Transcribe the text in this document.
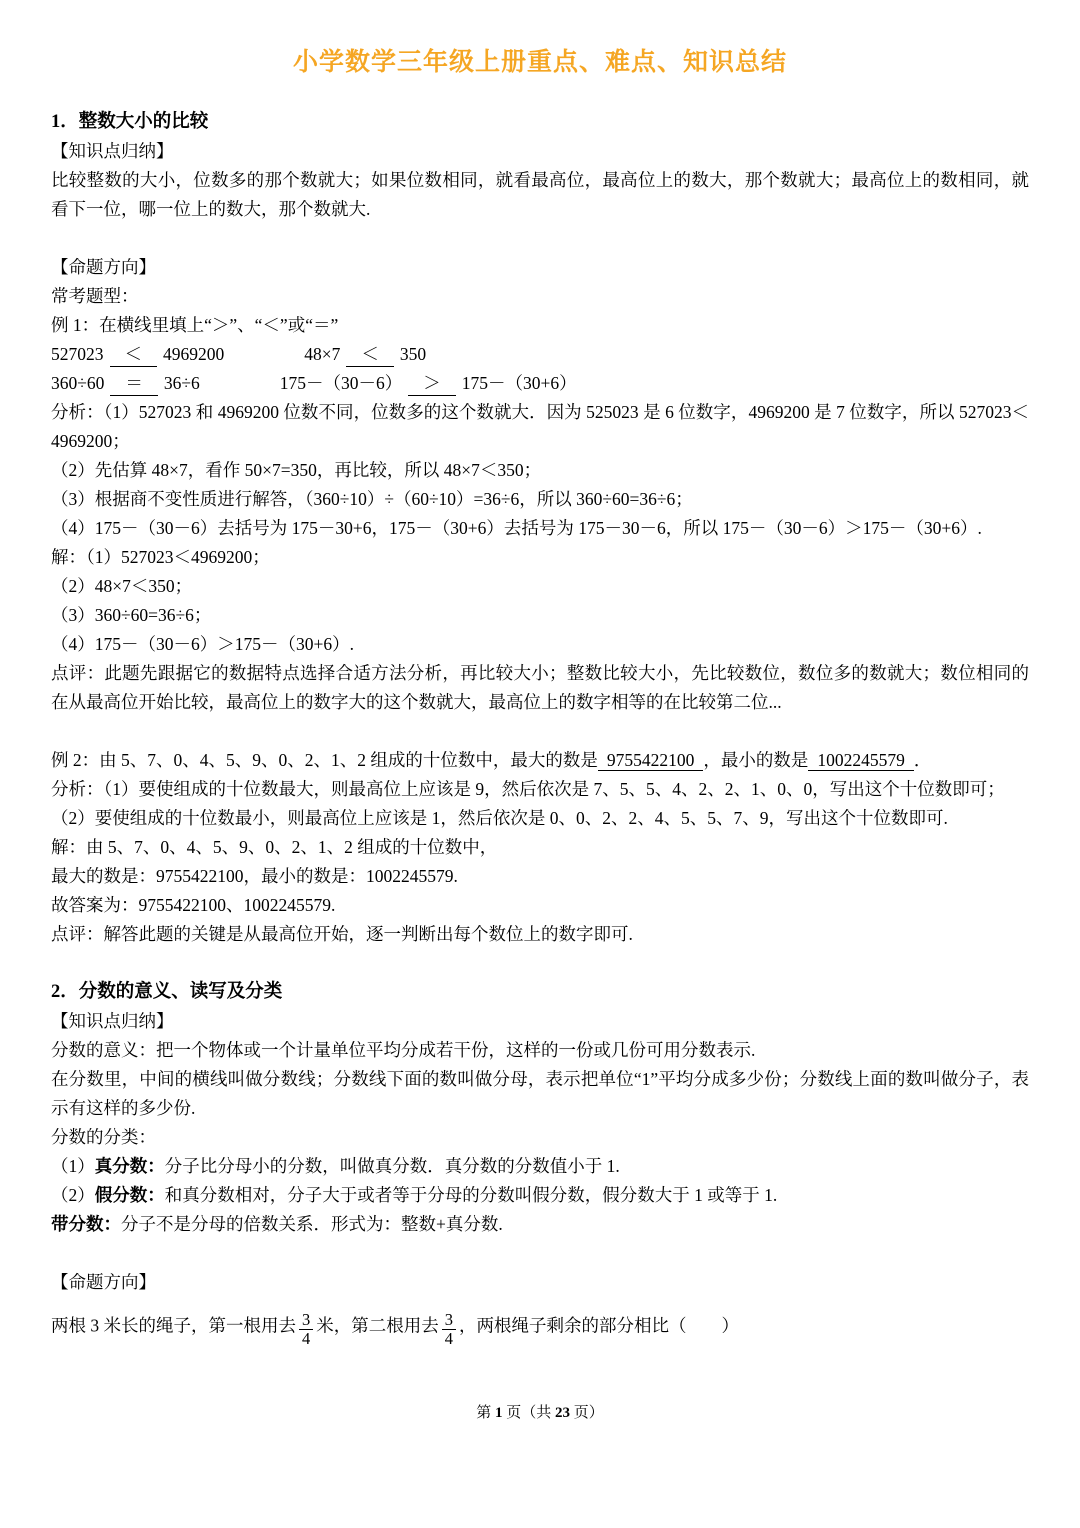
小学数学三年级上册重点、难点、知识总结
1．整数大小的比较

【知识点归纳】

比较整数的大小，位数多的那个数就大；如果位数相同，就看最高位，最高位上的数大，那个数就大；最高位上的数相同，就看下一位，哪一位上的数大，那个数就大.

【命题方向】

常考题型：

例 1：在横线里填上“＞”、“＜”或“＝”

527023 ＜ 4969200	48×7 ＜ 350

360÷60 ＝ 36÷6	175－（30－6） ＞ 175－（30+6）

分析：（1）527023 和 4969200 位数不同，位数多的这个数就大．因为 525023 是 6 位数字，4969200 是 7 位数字，所以 527023＜4969200；

（2）先估算 48×7，看作 50×7=350，再比较，所以 48×7＜350；

（3）根据商不变性质进行解答，（360÷10）÷（60÷10）=36÷6，所以 360÷60=36÷6；

（4）175－（30－6）去括号为 175－30+6，175－（30+6）去括号为 175－30－6，所以 175－（30－6）＞175－（30+6）.

解：（1）527023＜4969200；

（2）48×7＜350；

（3）360÷60=36÷6；

（4）175－（30－6）＞175－（30+6）.

点评：此题先跟据它的数据特点选择合适方法分析，再比较大小；整数比较大小，先比较数位，数位多的数就大；数位相同的在从最高位开始比较，最高位上的数字大的这个数就大，最高位上的数字相等的在比较第二位...

例 2：由 5、7、0、4、5、9、0、2、1、2 组成的十位数中，最大的数是 9755422100 ，最小的数是 1002245579 ．

分析：（1）要使组成的十位数最大，则最高位上应该是 9，然后依次是 7、5、5、4、2、2、1、0、0，写出这个十位数即可；

（2）要使组成的十位数最小，则最高位上应该是 1，然后依次是 0、0、2、2、4、5、5、7、9，写出这个十位数即可.

解：由 5、7、0、4、5、9、0、2、1、2 组成的十位数中，

最大的数是：9755422100，最小的数是：1002245579.

故答案为：9755422100、1002245579.

点评：解答此题的关键是从最高位开始，逐一判断出每个数位上的数字即可.

2．分数的意义、读写及分类

【知识点归纳】

分数的意义：把一个物体或一个计量单位平均分成若干份，这样的一份或几份可用分数表示.

在分数里，中间的横线叫做分数线；分数线下面的数叫做分母，表示把单位“1”平均分成多少份；分数线上面的数叫做分子，表示有这样的多少份.

分数的分类：

（1）真分数：分子比分母小的分数，叫做真分数．真分数的分数值小于 1.

（2）假分数：和真分数相对，分子大于或者等于分母的分数叫假分数，假分数大于 1 或等于 1.

带分数：分子不是分母的倍数关系．形式为：整数+真分数.

【命题方向】

两根 3 米长的绳子，第一根用去 $\frac{3}{4}$ 米，第二根用去 $\frac{3}{4}$ ，两根绳子剩余的部分相比（　　）

第 1 页（共 23 页）
